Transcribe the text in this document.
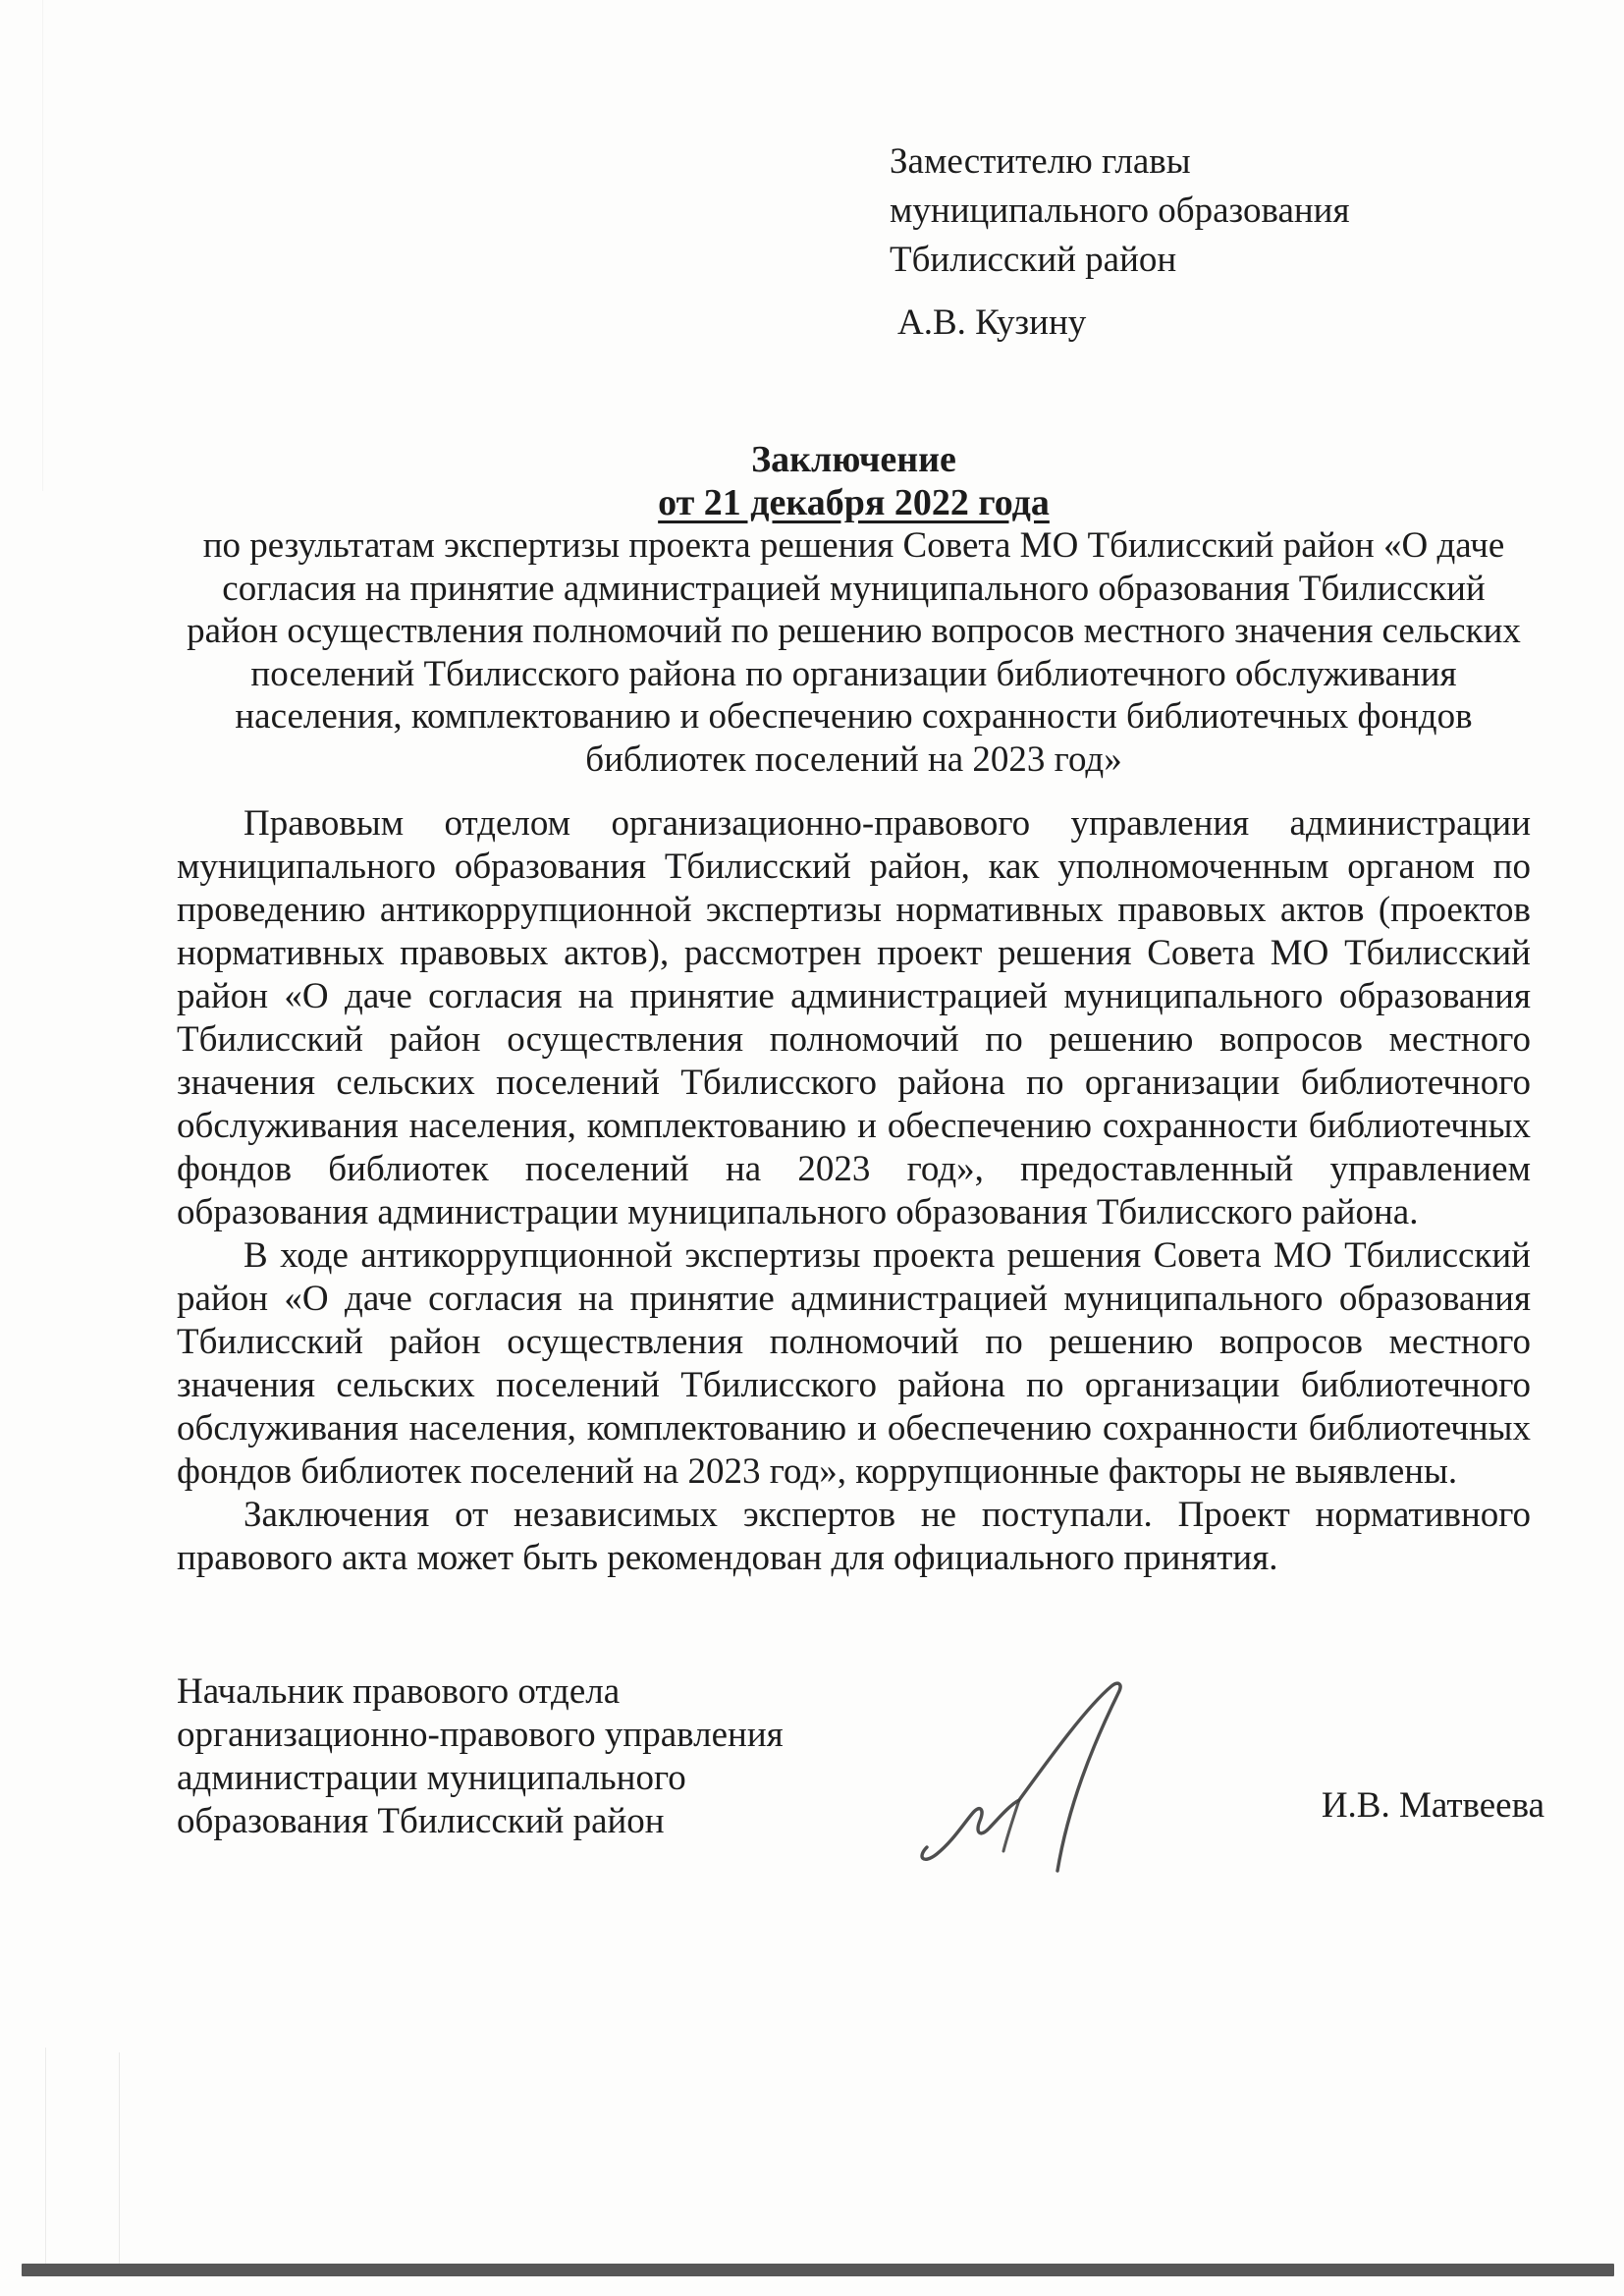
Заместителю главы
муниципального образования
Тбилисский район
А.В. Кузину
Заключение
от 21 декабря 2022 года

по результатам экспертизы проекта решения Совета МО Тбилисский район «О даче согласия на принятие администрацией муниципального образования Тбилисский район осуществления полномочий по решению вопросов местного значения сельских поселений Тбилисского района по организации библиотечного обслуживания населения, комплектованию и обеспечению сохранности библиотечных фондов библиотек поселений на 2023 год»

Правовым отделом организационно-правового управления администрации муниципального образования Тбилисский район, как уполномоченным органом по проведению антикоррупционной экспертизы нормативных правовых актов (проектов нормативных правовых актов), рассмотрен проект решения Совета МО Тбилисский район «О даче согласия на принятие администрацией муниципального образования Тбилисский район осуществления полномочий по решению вопросов местного значения сельских поселений Тбилисского района по организации библиотечного обслуживания населения, комплектованию и обеспечению сохранности библиотечных фондов библиотек поселений на 2023 год», предоставленный управлением образования администрации муниципального образования Тбилисского района.

В ходе антикоррупционной экспертизы проекта решения Совета МО Тбилисский район «О даче согласия на принятие администрацией муниципального образования Тбилисский район осуществления полномочий по решению вопросов местного значения сельских поселений Тбилисского района по организации библиотечного обслуживания населения, комплектованию и обеспечению сохранности библиотечных фондов библиотек поселений на 2023 год», коррупционные факторы не выявлены.

Заключения от независимых экспертов не поступали. Проект нормативного правового акта может быть рекомендован для официального принятия.

Начальник правового отдела
организационно-правового управления
администрации муниципального
образования Тбилисский район	И.В. Матвеева
